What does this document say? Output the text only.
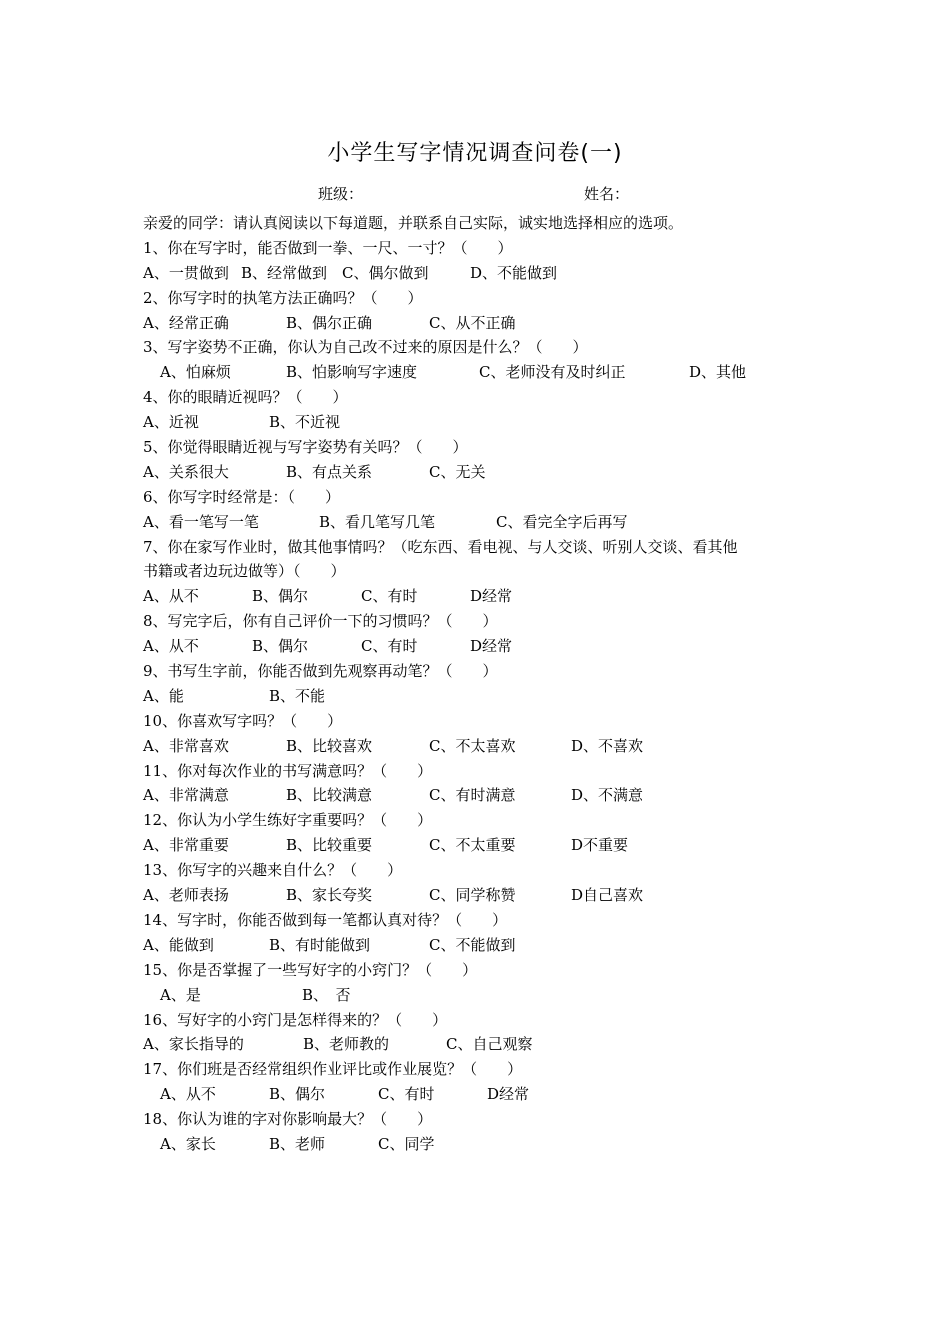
小学生写字情况调查问卷(一)
班级：	姓名：
亲爱的同学：请认真阅读以下每道题，并联系自己实际，诚实地选择相应的选项。
1、你在写字时，能否做到一拳、一尺、一寸？（　　）
A、一贯做到 B、经常做到 C、偶尔做到	D、不能做到
2、你写字时的执笔方法正确吗？（　　）
A、经常正确	B、偶尔正确	C、从不正确
3、写字姿势不正确，你认为自己改不过来的原因是什么？（　　）
A、怕麻烦	B、怕影响写字速度	C、老师没有及时纠正	D、其他
4、你的眼睛近视吗？（　　）
A、近视	B、不近视
5、你觉得眼睛近视与写字姿势有关吗？（　　）
A、关系很大	B、有点关系	C、无关
6、你写字时经常是：（　　）
A、看一笔写一笔	B、看几笔写几笔	C、看完全字后再写
7、你在家写作业时，做其他事情吗？（吃东西、看电视、与人交谈、听别人交谈、看其他
书籍或者边玩边做等）（　　）
A、从不	B、偶尔	C、有时	D经常
8、写完字后，你有自己评价一下的习惯吗？（　　）
A、从不	B、偶尔	C、有时	D经常
9、书写生字前，你能否做到先观察再动笔？（　　）
A、能	B、不能
10、你喜欢写字吗？（　　）
A、非常喜欢	B、比较喜欢	C、不太喜欢	D、不喜欢
11、你对每次作业的书写满意吗？（　　）
A、非常满意	B、比较满意	C、有时满意	D、不满意
12、你认为小学生练好字重要吗？（　　）
A、非常重要	B、比较重要	C、不太重要	D不重要
13、你写字的兴趣来自什么？（　　）
A、老师表扬	B、家长夸奖	C、同学称赞	D自己喜欢
14、写字时，你能否做到每一笔都认真对待？（　　）
A、能做到	B、有时能做到	C、不能做到
15、你是否掌握了一些写好字的小窍门？（　　）
A、是	B、　否
16、写好字的小窍门是怎样得来的？（　　）
A、家长指导的	B、老师教的	C、自己观察
17、你们班是否经常组织作业评比或作业展览？（　　）
A、从不	B、偶尔	C、有时	D经常
18、你认为谁的字对你影响最大？（　　）
A、家长	B、老师	C、同学
